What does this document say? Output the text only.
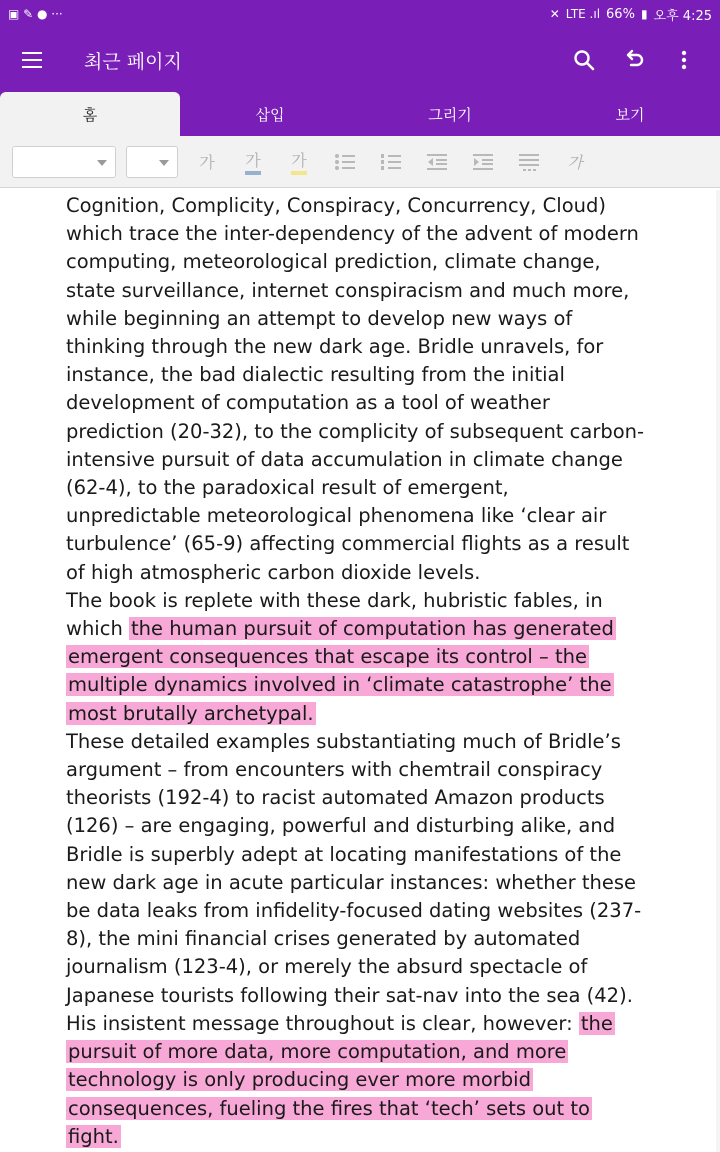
▣ ✎ ● ···	✕ LTE .ıl 66% ▮ 오후 4:25
최근 페이지
홈	삽입	그리기	보기
가 가 가	가

Cognition, Complicity, Conspiracy, Concurrency, Cloud) which trace the inter-dependency of the advent of modern computing, meteorological prediction, climate change, state surveillance, internet conspiracism and much more, while beginning an attempt to develop new ways of thinking through the new dark age. Bridle unravels, for instance, the bad dialectic resulting from the initial development of computation as a tool of weather prediction (20-32), to the complicity of subsequent carbon-intensive pursuit of data accumulation in climate change (62-4), to the paradoxical result of emergent, unpredictable meteorological phenomena like ‘clear air turbulence’ (65-9) affecting commercial flights as a result of high atmospheric carbon dioxide levels.

The book is replete with these dark, hubristic fables, in which the human pursuit of computation has generated emergent consequences that escape its control – the multiple dynamics involved in ‘climate catastrophe’ the most brutally archetypal.

These detailed examples substantiating much of Bridle’s argument – from encounters with chemtrail conspiracy theorists (192-4) to racist automated Amazon products (126) – are engaging, powerful and disturbing alike, and Bridle is superbly adept at locating manifestations of the new dark age in acute particular instances: whether these be data leaks from infidelity-focused dating websites (237-8), the mini financial crises generated by automated journalism (123-4), or merely the absurd spectacle of Japanese tourists following their sat-nav into the sea (42).

His insistent message throughout is clear, however: the pursuit of more data, more computation, and more technology is only producing ever more morbid consequences, fueling the fires that ‘tech’ sets out to fight.
